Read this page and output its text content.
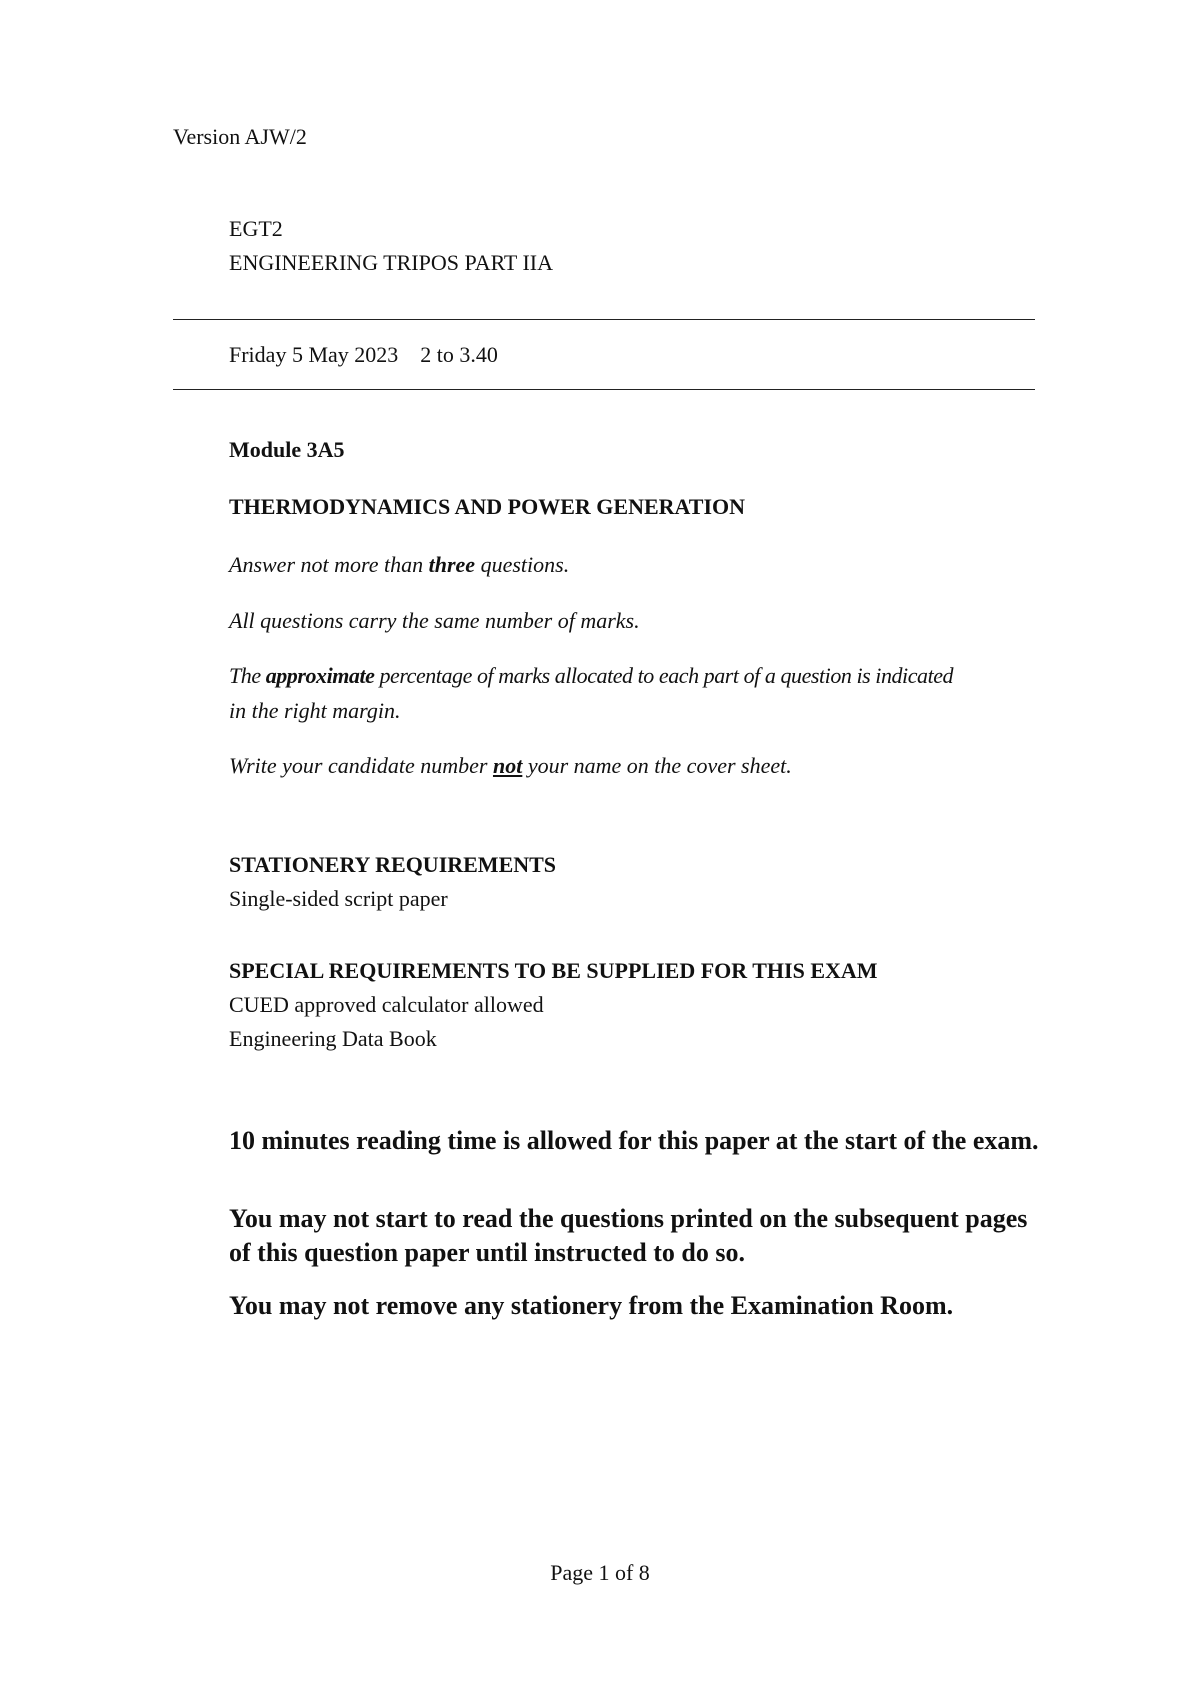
Version AJW/2
EGT2
ENGINEERING TRIPOS PART IIA
Friday 5 May 2023 2 to 3.40
Module 3A5
THERMODYNAMICS AND POWER GENERATION
Answer not more than three questions.
All questions carry the same number of marks.
The approximate percentage of marks allocated to each part of a question is indicated
in the right margin.
Write your candidate number not your name on the cover sheet.
STATIONERY REQUIREMENTS
Single-sided script paper
SPECIAL REQUIREMENTS TO BE SUPPLIED FOR THIS EXAM
CUED approved calculator allowed
Engineering Data Book
10 minutes reading time is allowed for this paper at the start of the exam.
You may not start to read the questions printed on the subsequent pages of this question paper until instructed to do so.
You may not remove any stationery from the Examination Room.
Page 1 of 8
